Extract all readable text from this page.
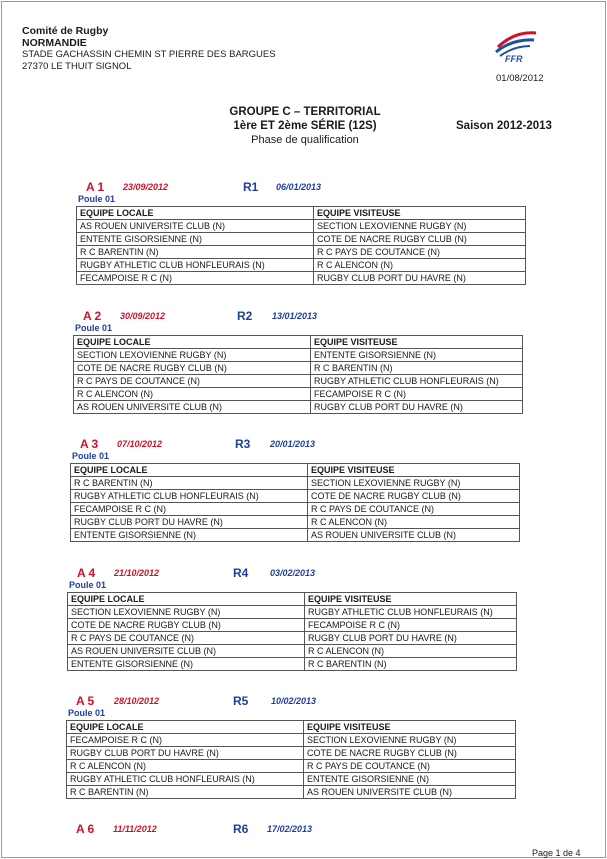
Comité de Rugby
NORMANDIE
STADE GACHASSIN CHEMIN ST PIERRE DES BARGUES
27370 LE THUIT SIGNOL
FFR
01/08/2012
GROUPE C – TERRITORIAL
1ère ET 2ème SÉRIE (12S)
Phase de qualification
Saison 2012-2013
A 1 23/09/2012	R1 06/01/2013
Poule 01
EQUIPE LOCALE	EQUIPE VISITEUSE
AS ROUEN UNIVERSITE CLUB (N)	SECTION LEXOVIENNE RUGBY (N)
ENTENTE GISORSIENNE (N)	COTE DE NACRE RUGBY CLUB (N)
R C BARENTIN (N)	R C PAYS DE COUTANCE (N)
RUGBY ATHLETIC CLUB HONFLEURAIS (N)	R C ALENCON (N)
FECAMPOISE R C (N)	RUGBY CLUB PORT DU HAVRE (N)
A 2 30/09/2012	R2 13/01/2013
Poule 01
EQUIPE LOCALE	EQUIPE VISITEUSE
SECTION LEXOVIENNE RUGBY (N)	ENTENTE GISORSIENNE (N)
COTE DE NACRE RUGBY CLUB (N)	R C BARENTIN (N)
R C PAYS DE COUTANCE (N)	RUGBY ATHLETIC CLUB HONFLEURAIS (N)
R C ALENCON (N)	FECAMPOISE R C (N)
AS ROUEN UNIVERSITE CLUB (N)	RUGBY CLUB PORT DU HAVRE (N)
A 3 07/10/2012	R3 20/01/2013
Poule 01
EQUIPE LOCALE	EQUIPE VISITEUSE
R C BARENTIN (N)	SECTION LEXOVIENNE RUGBY (N)
RUGBY ATHLETIC CLUB HONFLEURAIS (N)	COTE DE NACRE RUGBY CLUB (N)
FECAMPOISE R C (N)	R C PAYS DE COUTANCE (N)
RUGBY CLUB PORT DU HAVRE (N)	R C ALENCON (N)
ENTENTE GISORSIENNE (N)	AS ROUEN UNIVERSITE CLUB (N)
A 4 21/10/2012	R4 03/02/2013
Poule 01
EQUIPE LOCALE	EQUIPE VISITEUSE
SECTION LEXOVIENNE RUGBY (N)	RUGBY ATHLETIC CLUB HONFLEURAIS (N)
COTE DE NACRE RUGBY CLUB (N)	FECAMPOISE R C (N)
R C PAYS DE COUTANCE (N)	RUGBY CLUB PORT DU HAVRE (N)
AS ROUEN UNIVERSITE CLUB (N)	R C ALENCON (N)
ENTENTE GISORSIENNE (N)	R C BARENTIN (N)
A 5 28/10/2012	R5	10/02/2013
Poule 01
EQUIPE LOCALE	EQUIPE VISITEUSE
FECAMPOISE R C (N)	SECTION LEXOVIENNE RUGBY (N)
RUGBY CLUB PORT DU HAVRE (N)	COTE DE NACRE RUGBY CLUB (N)
R C ALENCON (N)	R C PAYS DE COUTANCE (N)
RUGBY ATHLETIC CLUB HONFLEURAIS (N)	ENTENTE GISORSIENNE (N)
R C BARENTIN (N)	AS ROUEN UNIVERSITE CLUB (N)
A 6 11/11/2012	R6 17/02/2013
Page 1 de 4
